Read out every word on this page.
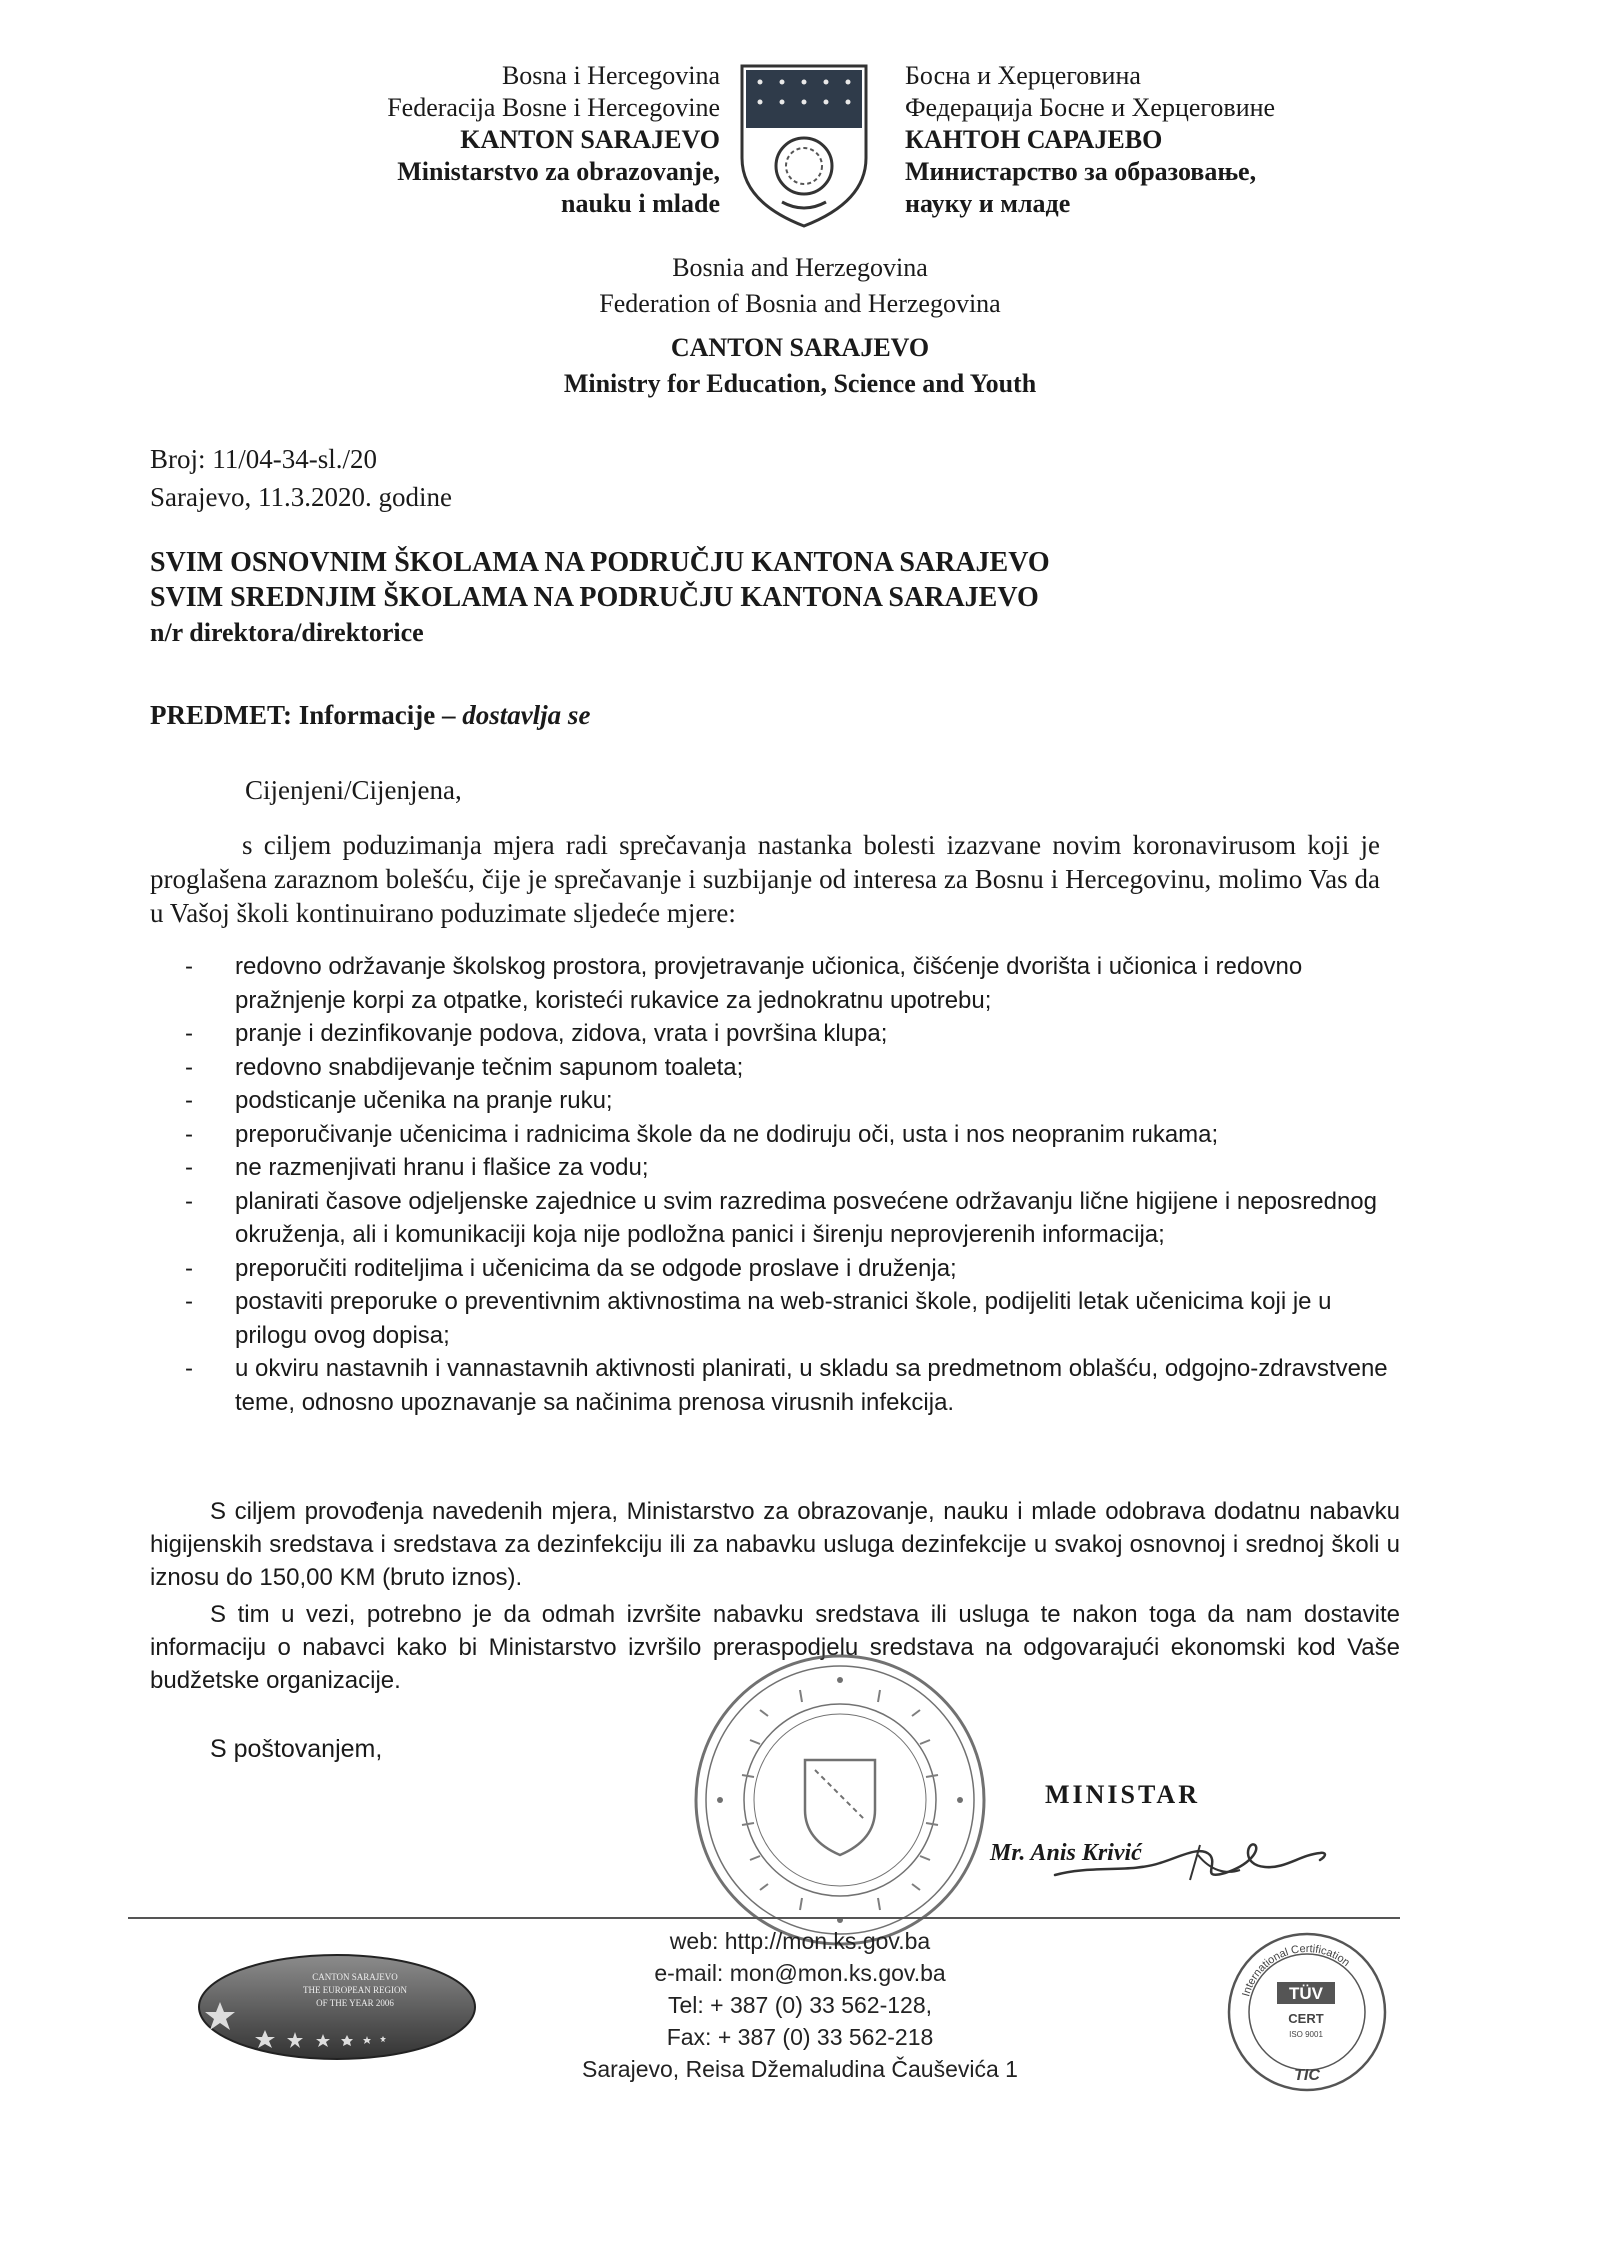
Bosna i Hercegovina
Federacija Bosne i Hercegovine
KANTON SARAJEVO
Ministarstvo za obrazovanje,
nauku i mlade
Босна и Херцеговина
Федерација Босне и Херцеговине
КАНТОН САРАЈЕВО
Министарство за образовање,
науку и младе
Bosnia and Herzegovina
Federation of Bosnia and Herzegovina
CANTON SARAJEVO
Ministry for Education, Science and Youth
Broj: 11/04-34-sl./20
Sarajevo, 11.3.2020. godine
SVIM OSNOVNIM ŠKOLAMA NA PODRUČJU KANTONA SARAJEVO
SVIM SREDNJIM ŠKOLAMA NA PODRUČJU KANTONA SARAJEVO
n/r direktora/direktorice
PREDMET: Informacije – dostavlja se
Cijenjeni/Cijenjena,
s ciljem poduzimanja mjera radi sprečavanja nastanka bolesti izazvane novim koronavirusom koji je proglašena zaraznom bolešću, čije je sprečavanje i suzbijanje od interesa za Bosnu i Hercegovinu, molimo Vas da u Vašoj školi kontinuirano poduzimate sljedeće mjere:
- redovno održavanje školskog prostora, provjetravanje učionica, čišćenje dvorišta i učionica i redovno pražnjenje korpi za otpatke, koristeći rukavice za jednokratnu upotrebu;
- pranje i dezinfikovanje podova, zidova, vrata i površina klupa;
- redovno snabdijevanje tečnim sapunom toaleta;
- podsticanje učenika na pranje ruku;
- preporučivanje učenicima i radnicima škole da ne dodiruju oči, usta i nos neopranim rukama;
- ne razmenjivati hranu i flašice za vodu;
- planirati časove odjeljenske zajednice u svim razredima posvećene održavanju lične higijene i neposrednog okruženja, ali i komunikaciji koja nije podložna panici i širenju neprovjerenih informacija;
- preporučiti roditeljima i učenicima da se odgode proslave i druženja;
- postaviti preporuke o preventivnim aktivnostima na web-stranici škole, podijeliti letak učenicima koji je u prilogu ovog dopisa;
- u okviru nastavnih i vannastavnih aktivnosti planirati, u skladu sa predmetnom oblašću, odgojno-zdravstvene teme, odnosno upoznavanje sa načinima prenosa virusnih infekcija.
S ciljem provođenja navedenih mjera, Ministarstvo za obrazovanje, nauku i mlade odobrava dodatnu nabavku higijenskih sredstava i sredstava za dezinfekciju ili za nabavku usluga dezinfekcije u svakoj osnovnoj i srednoj školi u iznosu do 150,00 KM (bruto iznos).
S tim u vezi, potrebno je da odmah izvršite nabavku sredstava ili usluga te nakon toga da nam dostavite informaciju o nabavci kako bi Ministarstvo izvršilo preraspodjelu sredstava na odgovarajući ekonomski kod Vaše budžetske organizacije.
S poštovanjem,
MINISTAR
Mr. Anis Krivić
CANTON SARAJEVO
THE EUROPEAN REGION
OF THE YEAR 2006
web: http://mon.ks.gov.ba
e-mail: mon@mon.ks.gov.ba
Tel: + 387 (0) 33 562-128,
Fax: + 387 (0) 33 562-218
Sarajevo, Reisa Džemaludina Čauševića 1
International Certification
TÜV
CERT
ISO 9001
TIC
